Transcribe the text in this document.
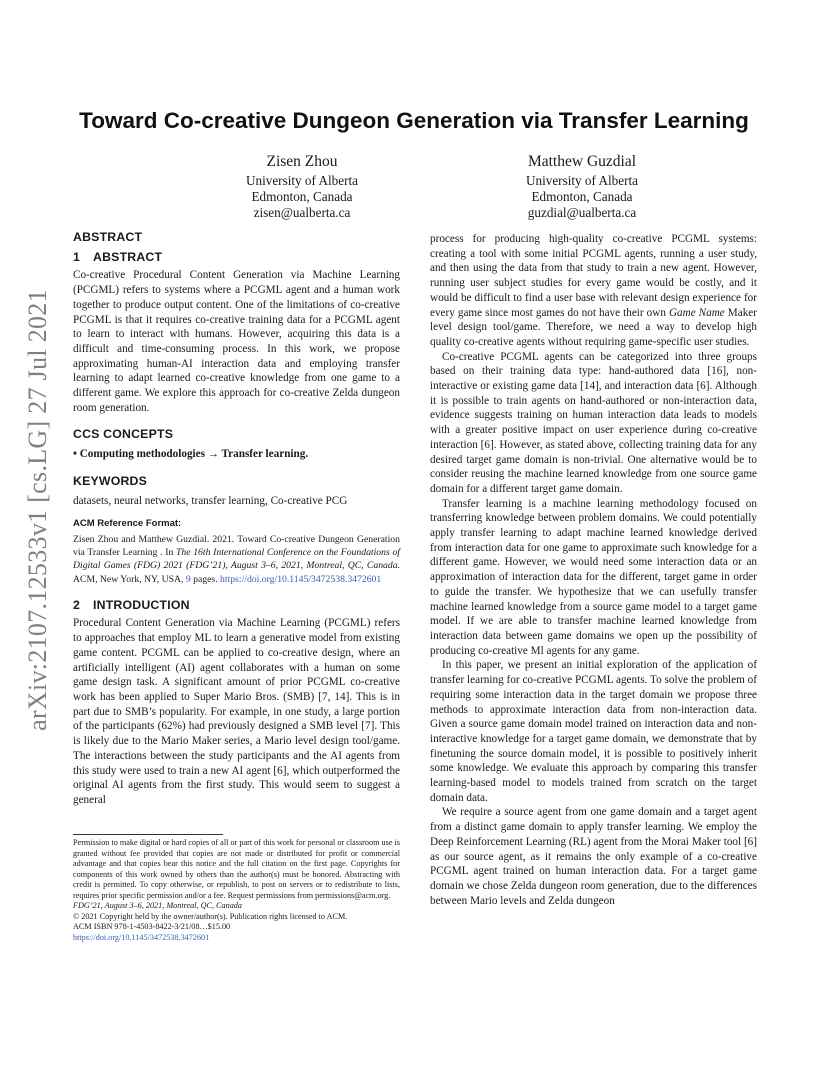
arXiv:2107.12533v1 [cs.LG] 27 Jul 2021
Toward Co-creative Dungeon Generation via Transfer Learning
Zisen Zhou
University of Alberta
Edmonton, Canada
zisen@ualberta.ca
Matthew Guzdial
University of Alberta
Edmonton, Canada
guzdial@ualberta.ca

ABSTRACT

1 ABSTRACT

Co-creative Procedural Content Generation via Machine Learning (PCGML) refers to systems where a PCGML agent and a human work together to produce output content. One of the limitations of co-creative PCGML is that it requires co-creative training data for a PCGML agent to learn to interact with humans. However, acquiring this data is a difficult and time-consuming process. In this work, we propose approximating human-AI interaction data and employing transfer learning to adapt learned co-creative knowledge from one game to a different game. We explore this approach for co-creative Zelda dungeon room generation.

CCS CONCEPTS

• Computing methodologies → Transfer learning.

KEYWORDS

datasets, neural networks, transfer learning, Co-creative PCG

ACM Reference Format:

Zisen Zhou and Matthew Guzdial. 2021. Toward Co-creative Dungeon Generation via Transfer Learning . In The 16th International Conference on the Foundations of Digital Games (FDG) 2021 (FDG’21), August 3–6, 2021, Montreal, QC, Canada. ACM, New York, NY, USA, 9 pages. https://doi.org/10.1145/3472538.3472601

2 INTRODUCTION

Procedural Content Generation via Machine Learning (PCGML) refers to approaches that employ ML to learn a generative model from existing game content. PCGML can be applied to co-creative design, where an artificially intelligent (AI) agent collaborates with a human on some game design task. A significant amount of prior PCGML co-creative work has been applied to Super Mario Bros. (SMB) [7, 14]. This is in part due to SMB’s popularity. For example, in one study, a large portion of the participants (62%) had previously designed a SMB level [7]. This is likely due to the Mario Maker series, a Mario level design tool/game. The interactions between the study participants and the AI agents from this study were used to train a new AI agent [6], which outperformed the original AI agents from the first study. This would seem to suggest a general

Permission to make digital or hard copies of all or part of this work for personal or classroom use is granted without fee provided that copies are not made or distributed for profit or commercial advantage and that copies bear this notice and the full citation on the first page. Copyrights for components of this work owned by others than the author(s) must be honored. Abstracting with credit is permitted. To copy otherwise, or republish, to post on servers or to redistribute to lists, requires prior specific permission and/or a fee. Request permissions from permissions@acm.org.

FDG’21, August 3–6, 2021, Montreal, QC, Canada

© 2021 Copyright held by the owner/author(s). Publication rights licensed to ACM.

ACM ISBN 978-1-4503-8422-3/21/08…$15.00

https://doi.org/10.1145/3472538.3472601

process for producing high-quality co-creative PCGML systems: creating a tool with some initial PCGML agents, running a user study, and then using the data from that study to train a new agent. However, running user subject studies for every game would be costly, and it would be difficult to find a user base with relevant design experience for every game since most games do not have their own Game Name Maker level design tool/game. Therefore, we need a way to develop high quality co-creative agents without requiring game-specific user studies.

Co-creative PCGML agents can be categorized into three groups based on their training data type: hand-authored data [16], non-interactive or existing game data [14], and interaction data [6]. Although it is possible to train agents on hand-authored or non-interaction data, evidence suggests training on human interaction data leads to models with a greater positive impact on user experience during co-creative interaction [6]. However, as stated above, collecting training data for any desired target game domain is non-trivial. One alternative would be to consider reusing the machine learned knowledge from one source game domain for a different target game domain.

Transfer learning is a machine learning methodology focused on transferring knowledge between problem domains. We could potentially apply transfer learning to adapt machine learned knowledge derived from interaction data for one game to approximate such knowledge for a different game. However, we would need some interaction data or an approximation of interaction data for the different, target game in order to guide the transfer. We hypothesize that we can usefully transfer machine learned knowledge from a source game model to a target game model. If we are able to transfer machine learned knowledge from interaction data between game domains we open up the possibility of producing co-creative Ml agents for any game.

In this paper, we present an initial exploration of the application of transfer learning for co-creative PCGML agents. To solve the problem of requiring some interaction data in the target domain we propose three methods to approximate interaction data from non-interaction data. Given a source game domain model trained on interaction data and non-interactive knowledge for a target game domain, we demonstrate that by finetuning the source domain model, it is possible to positively inherit some knowledge. We evaluate this approach by comparing this transfer learning-based model to models trained from scratch on the target domain data.

We require a source agent from one game domain and a target agent from a distinct game domain to apply transfer learning. We employ the Deep Reinforcement Learning (RL) agent from the Morai Maker tool [6] as our source agent, as it remains the only example of a co-creative PCGML agent trained on human interaction data. For a target game domain we chose Zelda dungeon room generation, due to the differences between Mario levels and Zelda dungeon
